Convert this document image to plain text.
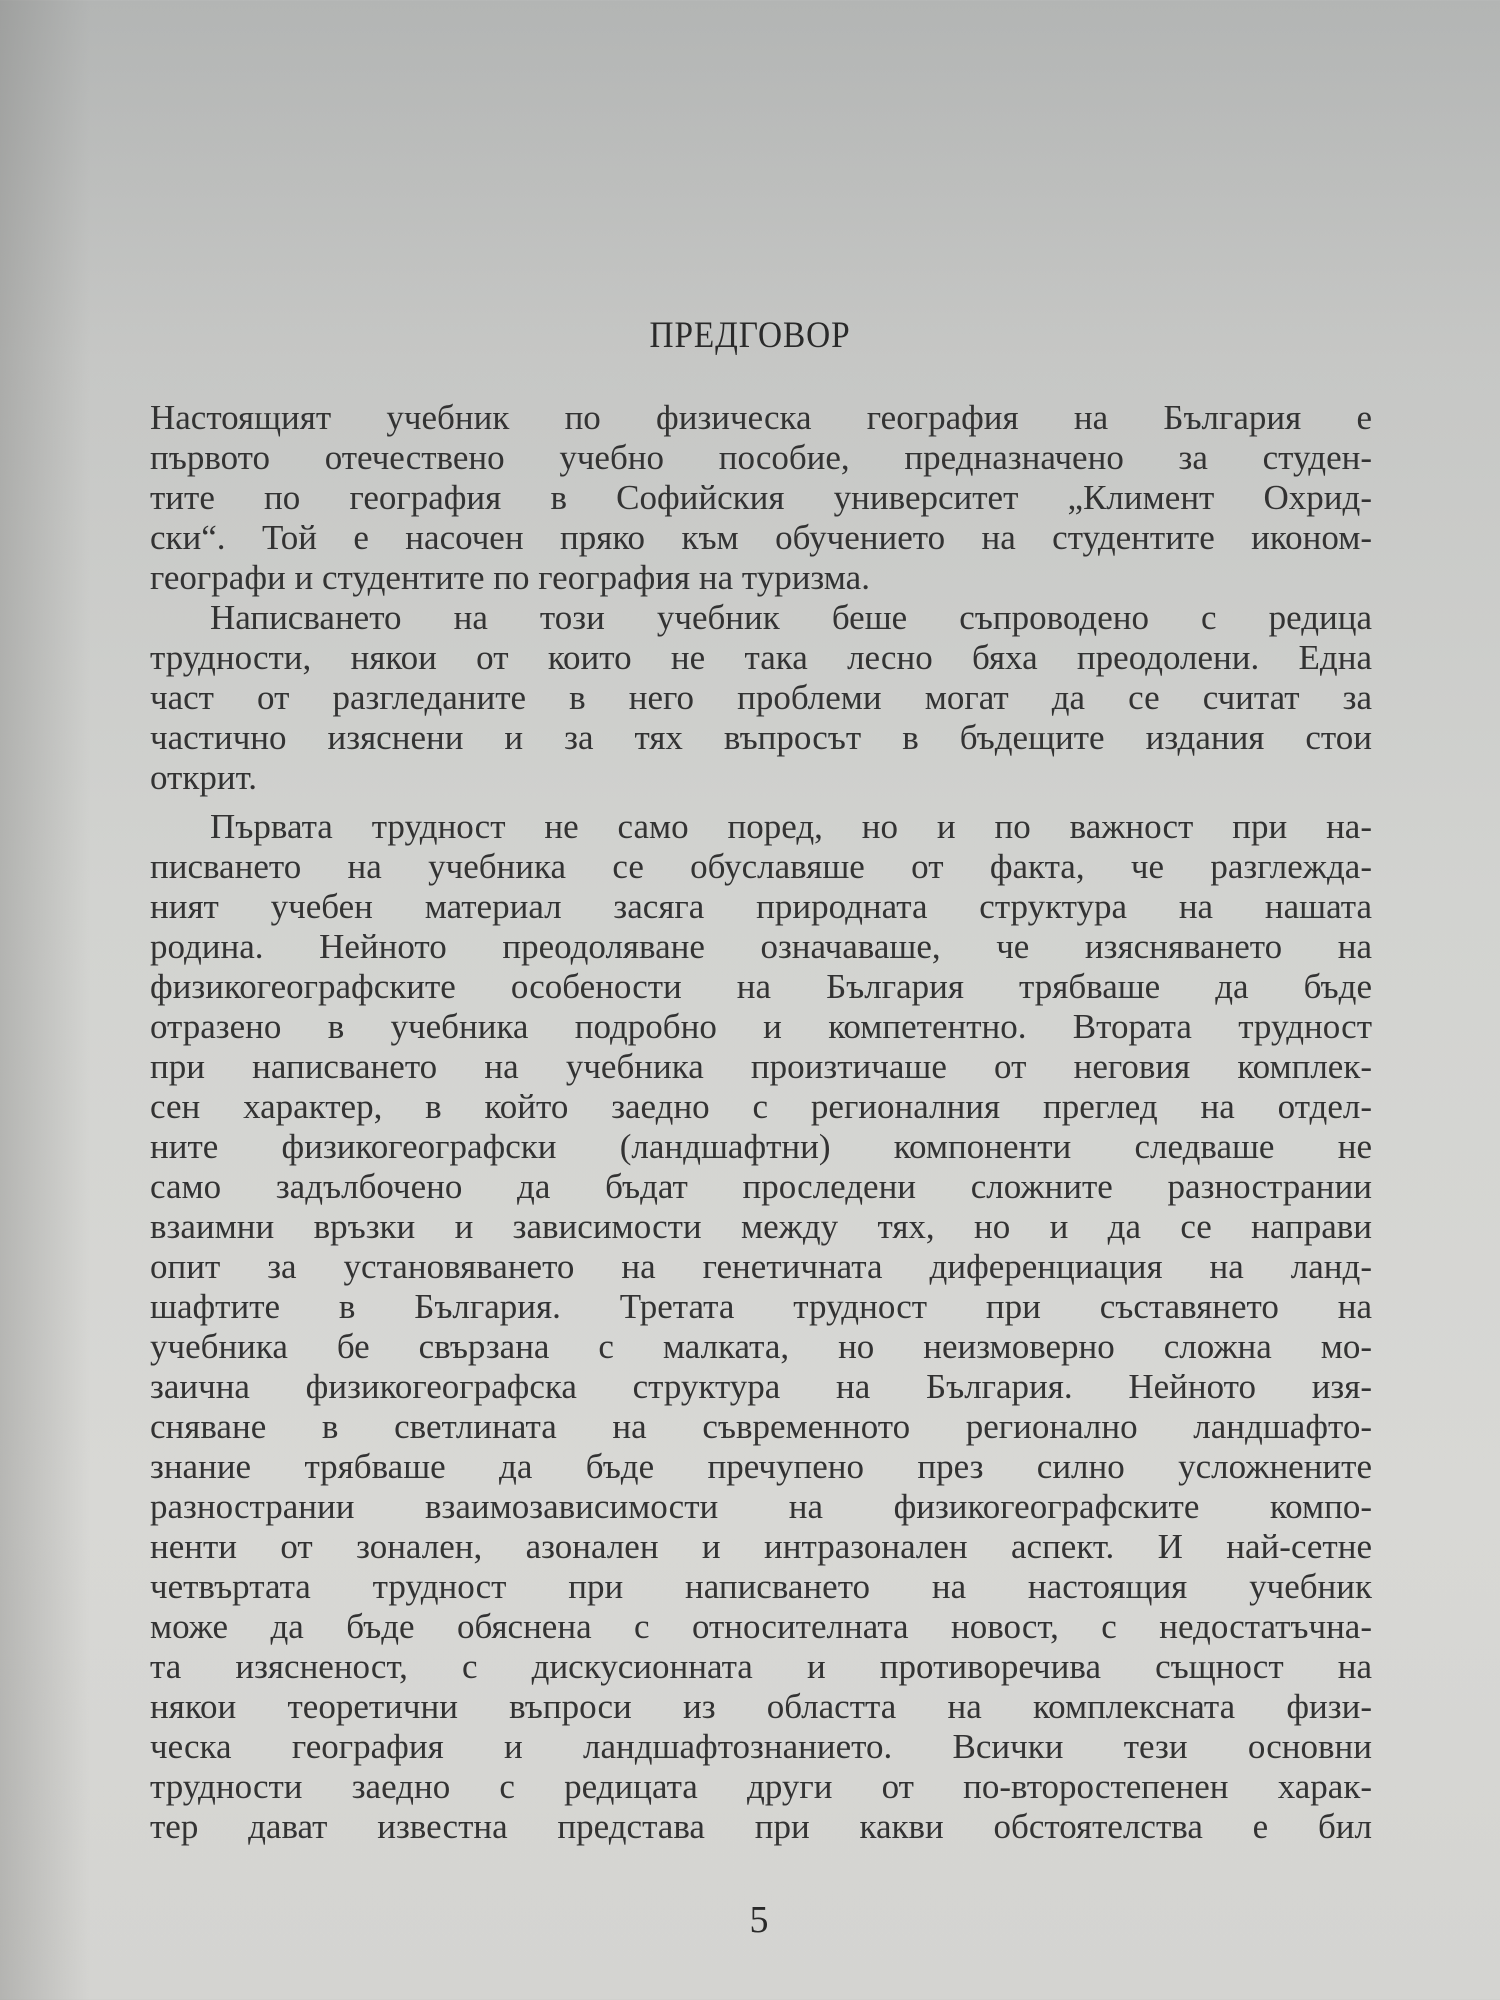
ПРЕДГОВОР
Настоящият учебник по физическа география на България е
първото отечествено учебно пособие, предназначено за студен-
тите по география в Софийския университет „Климент Охрид-
ски“. Той е насочен пряко към обучението на студентите иконом-
географи и студентите по география на туризма.
Написването на този учебник беше съпроводено с редица
трудности, някои от които не така лесно бяха преодолени. Една
част от разгледаните в него проблеми могат да се считат за
частично изяснени и за тях въпросът в бъдещите издания стои
открит.
Първата трудност не само поред, но и по важност при на-
писването на учебника се обуславяше от факта, че разглежда-
ният учебен материал засяга природната структура на нашата
родина. Нейното преодоляване означаваше, че изясняването на
физикогеографските особености на България трябваше да бъде
отразено в учебника подробно и компетентно. Втората трудност
при написването на учебника произтичаше от неговия комплек-
сен характер, в който заедно с регионалния преглед на отдел-
ните физикогеографски (ландшафтни) компоненти следваше не
само задълбочено да бъдат проследени сложните разнострании
взаимни връзки и зависимости между тях, но и да се направи
опит за установяването на генетичната диференциация на ланд-
шафтите в България. Третата трудност при съставянето на
учебника бе свързана с малката, но неизмоверно сложна мо-
заична физикогеографска структура на България. Нейното изя-
сняване в светлината на съвременното регионално ландшафто-
знание трябваше да бъде пречупено през силно усложнените
разнострании взаимозависимости на физикогеографските компо-
ненти от зонален, азонален и интразонален аспект. И най-сетне
четвъртата трудност при написването на настоящия учебник
може да бъде обяснена с относителната новост, с недостатъчна-
та изясненост, с дискусионната и противоречива същност на
някои теоретични въпроси из областта на комплексната физи-
ческа география и ландшафтознанието. Всички тези основни
трудности заедно с редицата други от по-второстепенен харак-
тер дават известна представа при какви обстоятелства е бил
5
